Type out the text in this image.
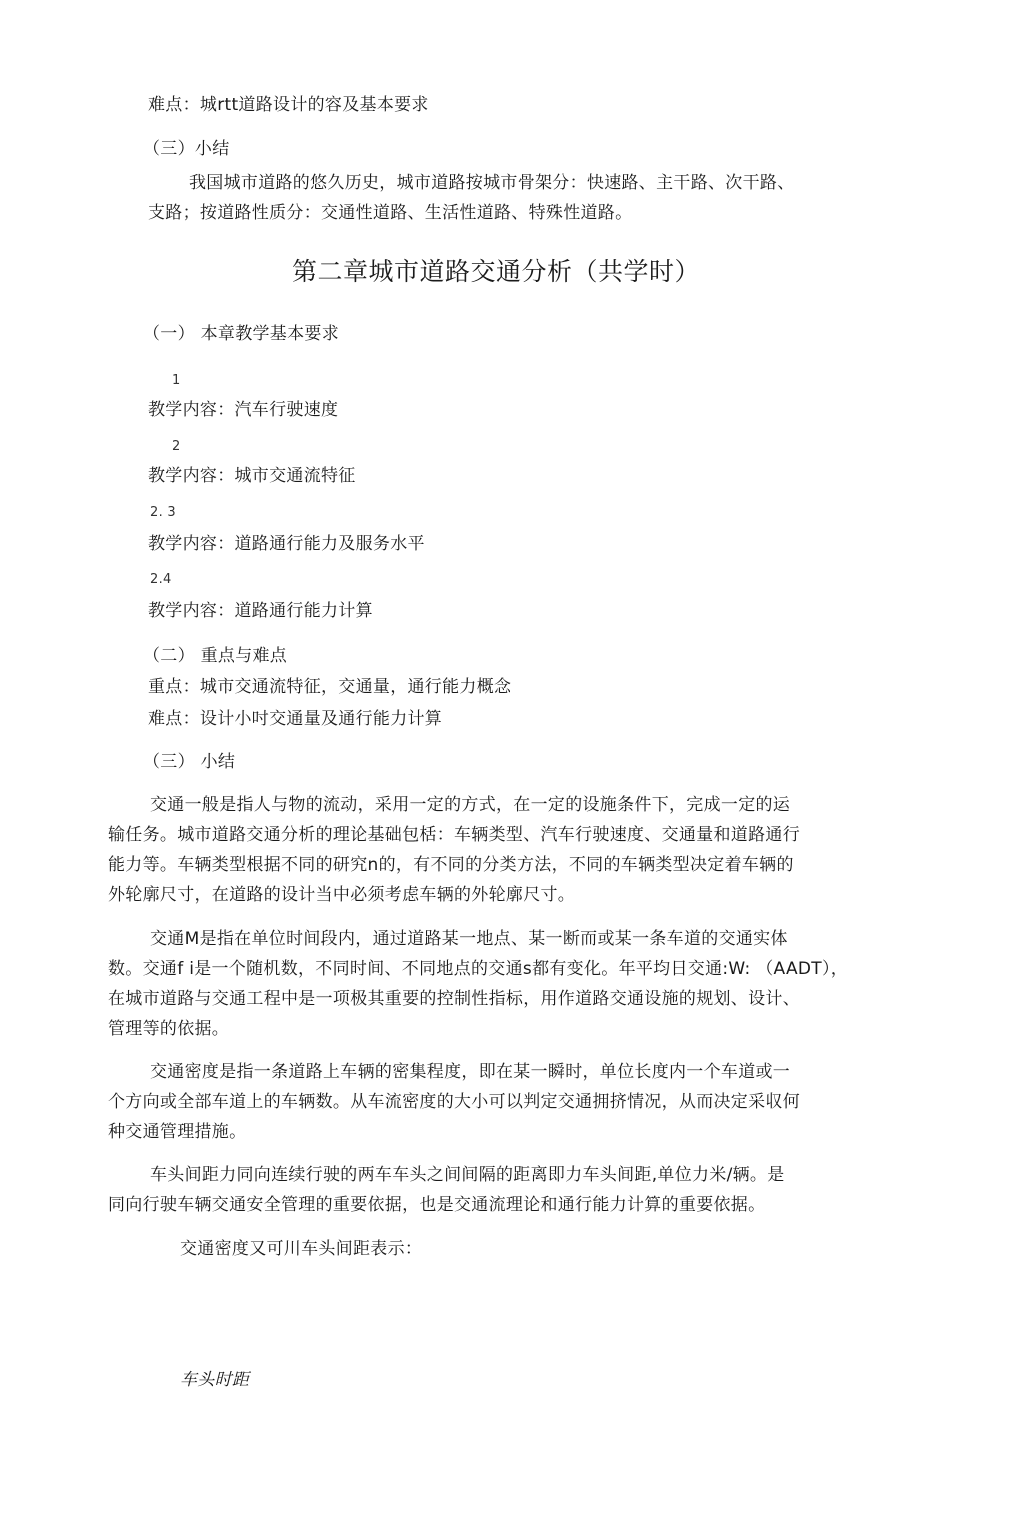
难点：城rtt道路设计的容及基本要求
（三）小结
我国城市道路的悠久历史，城市道路按城市骨架分：快速路、主干路、次干路、
支路；按道路性质分：交通性道路、生活性道路、特殊性道路。
第二章城市道路交通分析（共学时）
（一） 本章教学基本要求
1
教学内容：汽车行驶速度
2
教学内容：城市交通流特征
2. 3
教学内容：道路通行能力及服务水平
2.4
教学内容：道路通行能力计算
（二） 重点与难点
重点：城市交通流特征，交通量，通行能力概念
难点：设计小吋交通量及通行能力计算
（三） 小结
交通一般是指人与物的流动，采用一定的方式，在一定的设施条件下，完成一定的运
输任务。城市道路交通分析的理论基础包栝：车辆类型、汽车行驶速度、交通量和道路通行
能力等。车辆类型根据不同的研究n的，有不同的分类方法，不同的车辆类型决定着车辆的
外轮廓尺寸，在道路的设计当中必须考虑车辆的外轮廓尺寸。
交通M是指在单位时间段内，通过道路某一地点、某一断而或某一条车道的交通实体
数。交通f i是一个随机数，不同时间、不同地点的交通s都有变化。年平均日交通:W: （AADT），
在城市道路与交通工程中是一项极其重要的控制性指标，用作道路交通设施的规划、设计、
管理等的依据。
交通密度是指一条道路上车辆的密集程度，即在某一瞬时，单位长度内一个车道或一
个方向或全部车道上的车辆数。从车流密度的大小可以判定交通拥挤情况，从而决定采収何
种交通管理措施。
车头间距力同向连续行驶的两车车头之间间隔的距离即力车头间距,单位力米/辆。是
同向行驶车辆交通安全管理的重要依据，也是交通流理论和通行能力计算的重要依据。
交通密度又可川车头间距表示：
车头时距
